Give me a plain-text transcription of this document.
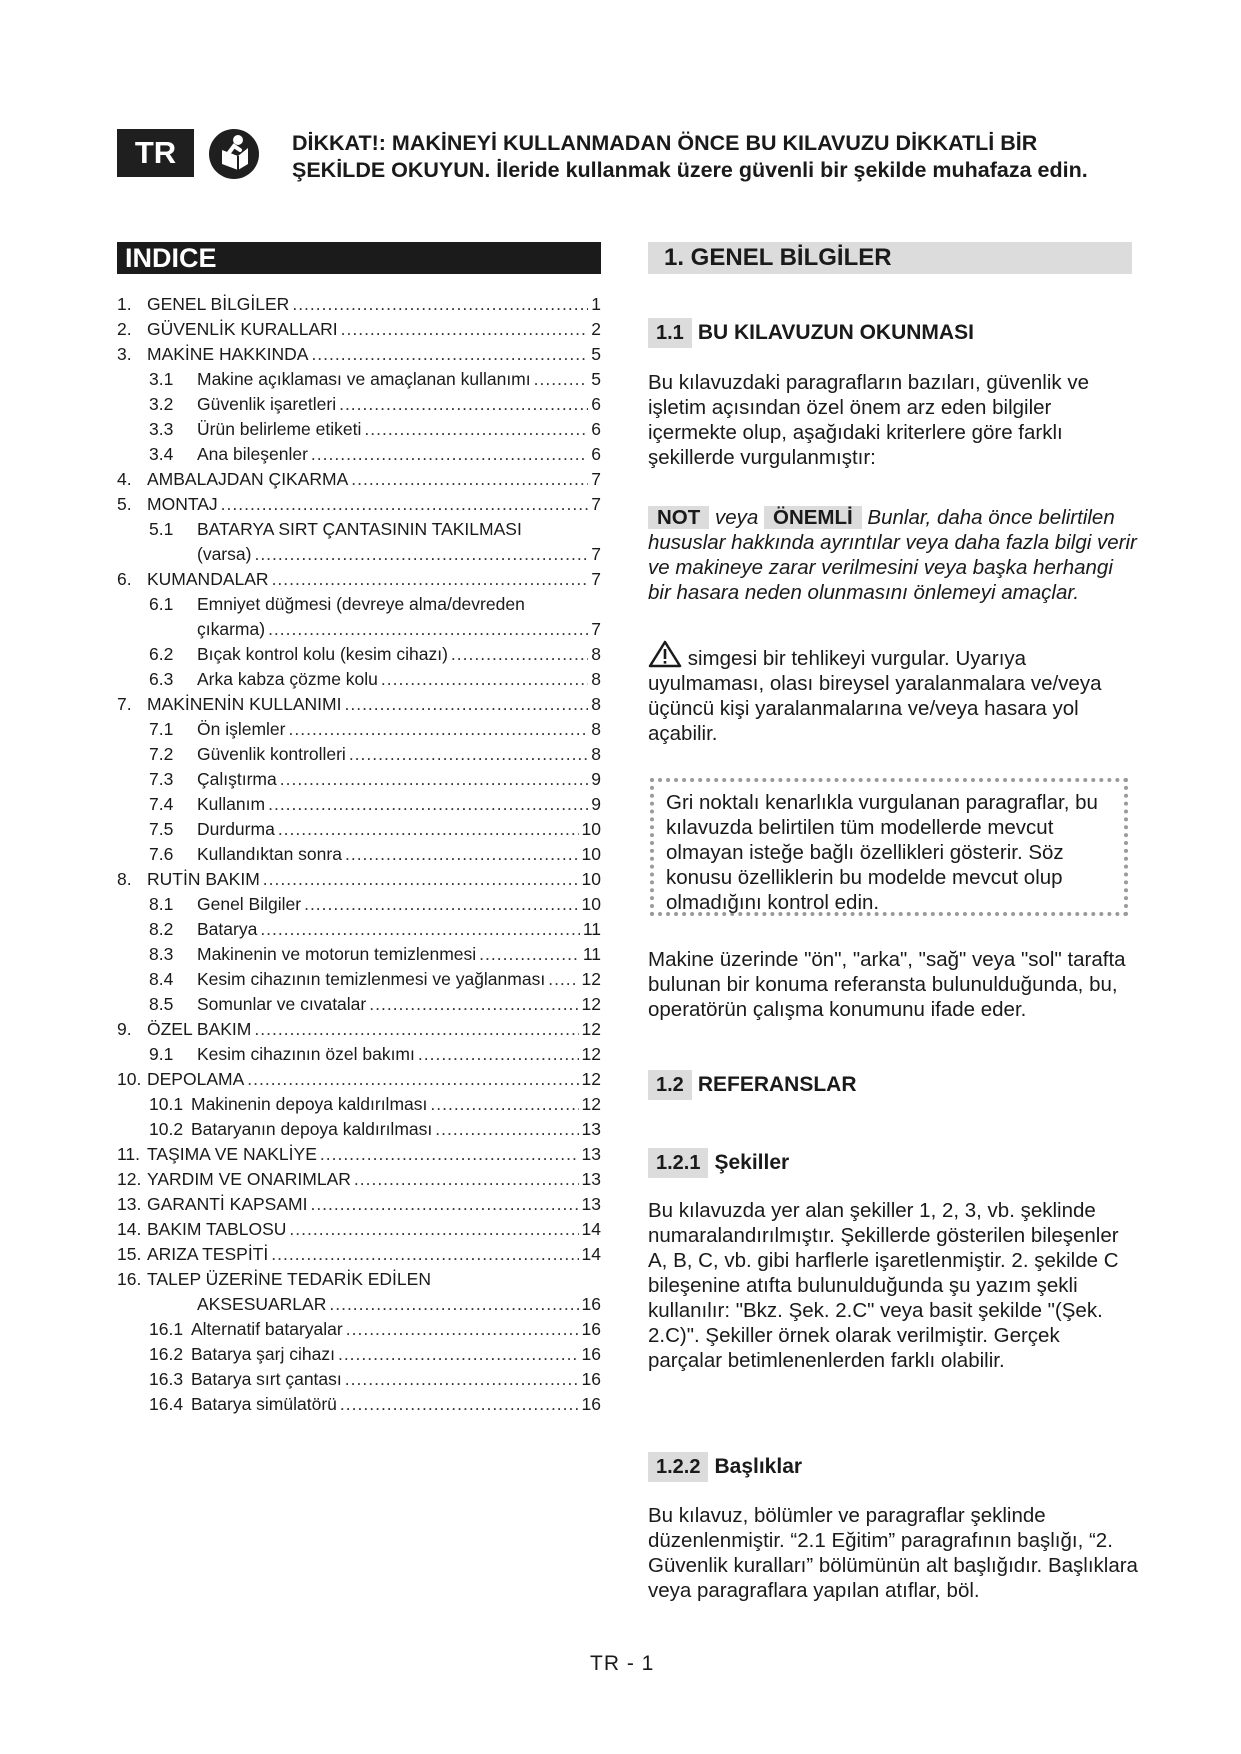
TR	DİKKAT!: MAKİNEYİ KULLANMADAN ÖNCE BU KILAVUZU DİKKATLİ BİR
ŞEKİLDE OKUYUN. İleride kullanmak üzere güvenli bir şekilde muhafaza edin.
INDICE
1. GENEL BİLGİLER .....	1
2. GÜVENLİK KURALLARI .....	2
3. MAKİNE HAKKINDA .....	5
3.1	Makine açıklaması ve amaçlanan kullanımı .....	5
3.2	Güvenlik işaretleri .....	6
3.3	Ürün belirleme etiketi .....	6
3.4	Ana bileşenler .....	6
4. AMBALAJDAN ÇIKARMA .....	7
5. MONTAJ .....	7
5.1	BATARYA SIRT ÇANTASININ TAKILMASI
(varsa) .....	7
6. KUMANDALAR .....	7
6.1	Emniyet düğmesi (devreye alma/devreden
çıkarma) .....	7
6.2	Bıçak kontrol kolu (kesim cihazı) .....	8
6.3	Arka kabza çözme kolu .....	8
7. MAKİNENİN KULLANIMI .....	8
7.1	Ön işlemler .....	8
7.2	Güvenlik kontrolleri .....	8
7.3	Çalıştırma .....	9
7.4	Kullanım .....	9
7.5	Durdurma .....	10
7.6	Kullandıktan sonra .....	10
8. RUTİN BAKIM .....	10
8.1	Genel Bilgiler .....	10
8.2	Batarya .....	11
8.3	Makinenin ve motorun temizlenmesi .....	11
8.4	Kesim cihazının temizlenmesi ve yağlanması ..... 12
8.5	Somunlar ve cıvatalar .....	12
9. ÖZEL BAKIM .....	12
9.1	Kesim cihazının özel bakımı .....	12
10. DEPOLAMA .....	12
10.1 Makinenin depoya kaldırılması .....	12
10.2 Bataryanın depoya kaldırılması .....	13
11. TAŞIMA VE NAKLİYE .....	13
12. YARDIM VE ONARIMLAR .....	13
13. GARANTİ KAPSAMI .....	13
14. BAKIM TABLOSU .....	14
15. ARIZA TESPİTİ .....	14
16. TALEP ÜZERİNE TEDARİK EDİLEN
AKSESUARLAR .....	16
16.1 Alternatif bataryalar .....	16
16.2 Batarya şarj cihazı .....	16
16.3 Batarya sırt çantası .....	16
16.4 Batarya simülatörü .....	16
1. GENEL BİLGİLER
1.1 BU KILAVUZUN OKUNMASI
Bu kılavuzdaki paragrafların bazıları, güvenlik ve işletim açısından özel önem arz eden bilgiler içermekte olup, aşağıdaki kriterlere göre farklı şekillerde vurgulanmıştır:
NOT veya ÖNEMLİ Bunlar, daha önce belirtilen hususlar hakkında ayrıntılar veya daha fazla bilgi verir ve makineye zarar verilmesini veya başka herhangi bir hasara neden olunmasını önlemeyi amaçlar.
simgesi bir tehlikeyi vurgular. Uyarıya uyulmaması, olası bireysel yaralanmalara ve/veya üçüncü kişi yaralanmalarına ve/veya hasara yol açabilir.
Gri noktalı kenarlıkla vurgulanan paragraflar, bu kılavuzda belirtilen tüm modellerde mevcut olmayan isteğe bağlı özellikleri gösterir. Söz konusu özelliklerin bu modelde mevcut olup olmadığını kontrol edin.
Makine üzerinde "ön", "arka", "sağ" veya "sol" tarafta bulunan bir konuma referansta bulunulduğunda, bu, operatörün çalışma konumunu ifade eder.
1.2 REFERANSLAR
1.2.1 Şekiller
Bu kılavuzda yer alan şekiller 1, 2, 3, vb. şeklinde numaralandırılmıştır. Şekillerde gösterilen bileşenler A, B, C, vb. gibi harflerle işaretlenmiştir. 2. şekilde C bileşenine atıfta bulunulduğunda şu yazım şekli kullanılır: "Bkz. Şek. 2.C" veya basit şekilde "(Şek. 2.C)". Şekiller örnek olarak verilmiştir. Gerçek parçalar betimlenenlerden farklı olabilir.
1.2.2 Başlıklar
Bu kılavuz, bölümler ve paragraflar şeklinde düzenlenmiştir. “2.1 Eğitim” paragrafının başlığı, “2. Güvenlik kuralları” bölümünün alt başlığıdır. Başlıklara veya paragraflara yapılan atıflar, böl.
TR - 1
